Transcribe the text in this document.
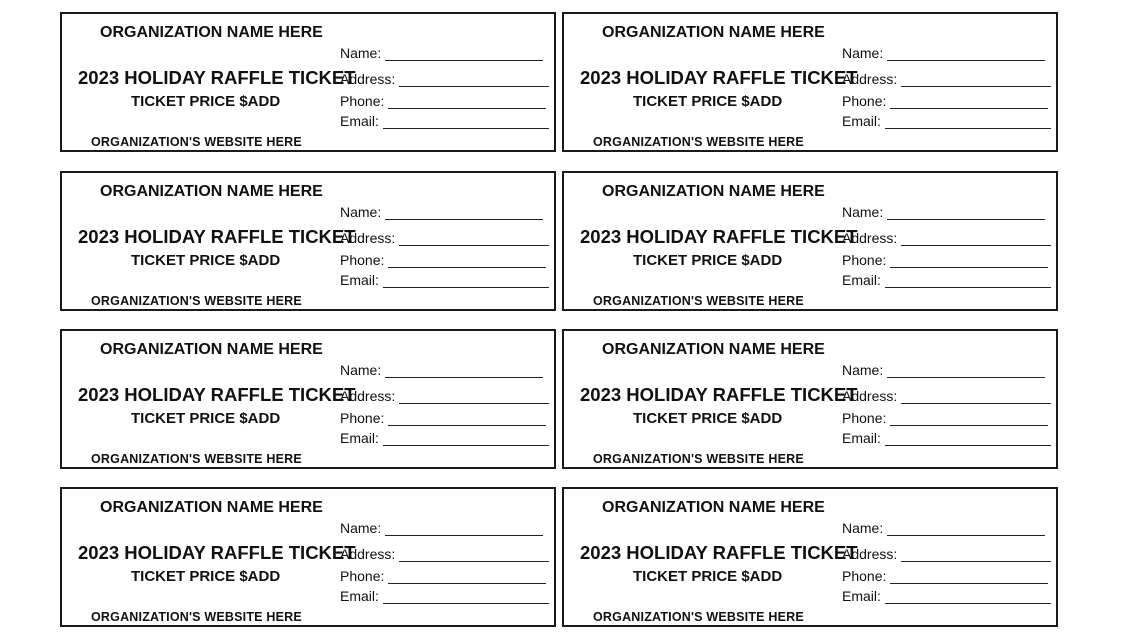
ORGANIZATION NAME HERE
2023 HOLIDAY RAFFLE TICKET
TICKET PRICE $ADD
ORGANIZATION'S WEBSITE HERE
Name:
Address:
Phone:
Email:
ORGANIZATION NAME HERE
2023 HOLIDAY RAFFLE TICKET
TICKET PRICE $ADD
ORGANIZATION'S WEBSITE HERE
Name:
Address:
Phone:
Email:
ORGANIZATION NAME HERE
2023 HOLIDAY RAFFLE TICKET
TICKET PRICE $ADD
ORGANIZATION'S WEBSITE HERE
Name:
Address:
Phone:
Email:
ORGANIZATION NAME HERE
2023 HOLIDAY RAFFLE TICKET
TICKET PRICE $ADD
ORGANIZATION'S WEBSITE HERE
Name:
Address:
Phone:
Email:
ORGANIZATION NAME HERE
2023 HOLIDAY RAFFLE TICKET
TICKET PRICE $ADD
ORGANIZATION'S WEBSITE HERE
Name:
Address:
Phone:
Email:
ORGANIZATION NAME HERE
2023 HOLIDAY RAFFLE TICKET
TICKET PRICE $ADD
ORGANIZATION'S WEBSITE HERE
Name:
Address:
Phone:
Email:
ORGANIZATION NAME HERE
2023 HOLIDAY RAFFLE TICKET
TICKET PRICE $ADD
ORGANIZATION'S WEBSITE HERE
Name:
Address:
Phone:
Email:
ORGANIZATION NAME HERE
2023 HOLIDAY RAFFLE TICKET
TICKET PRICE $ADD
ORGANIZATION'S WEBSITE HERE
Name:
Address:
Phone:
Email:
